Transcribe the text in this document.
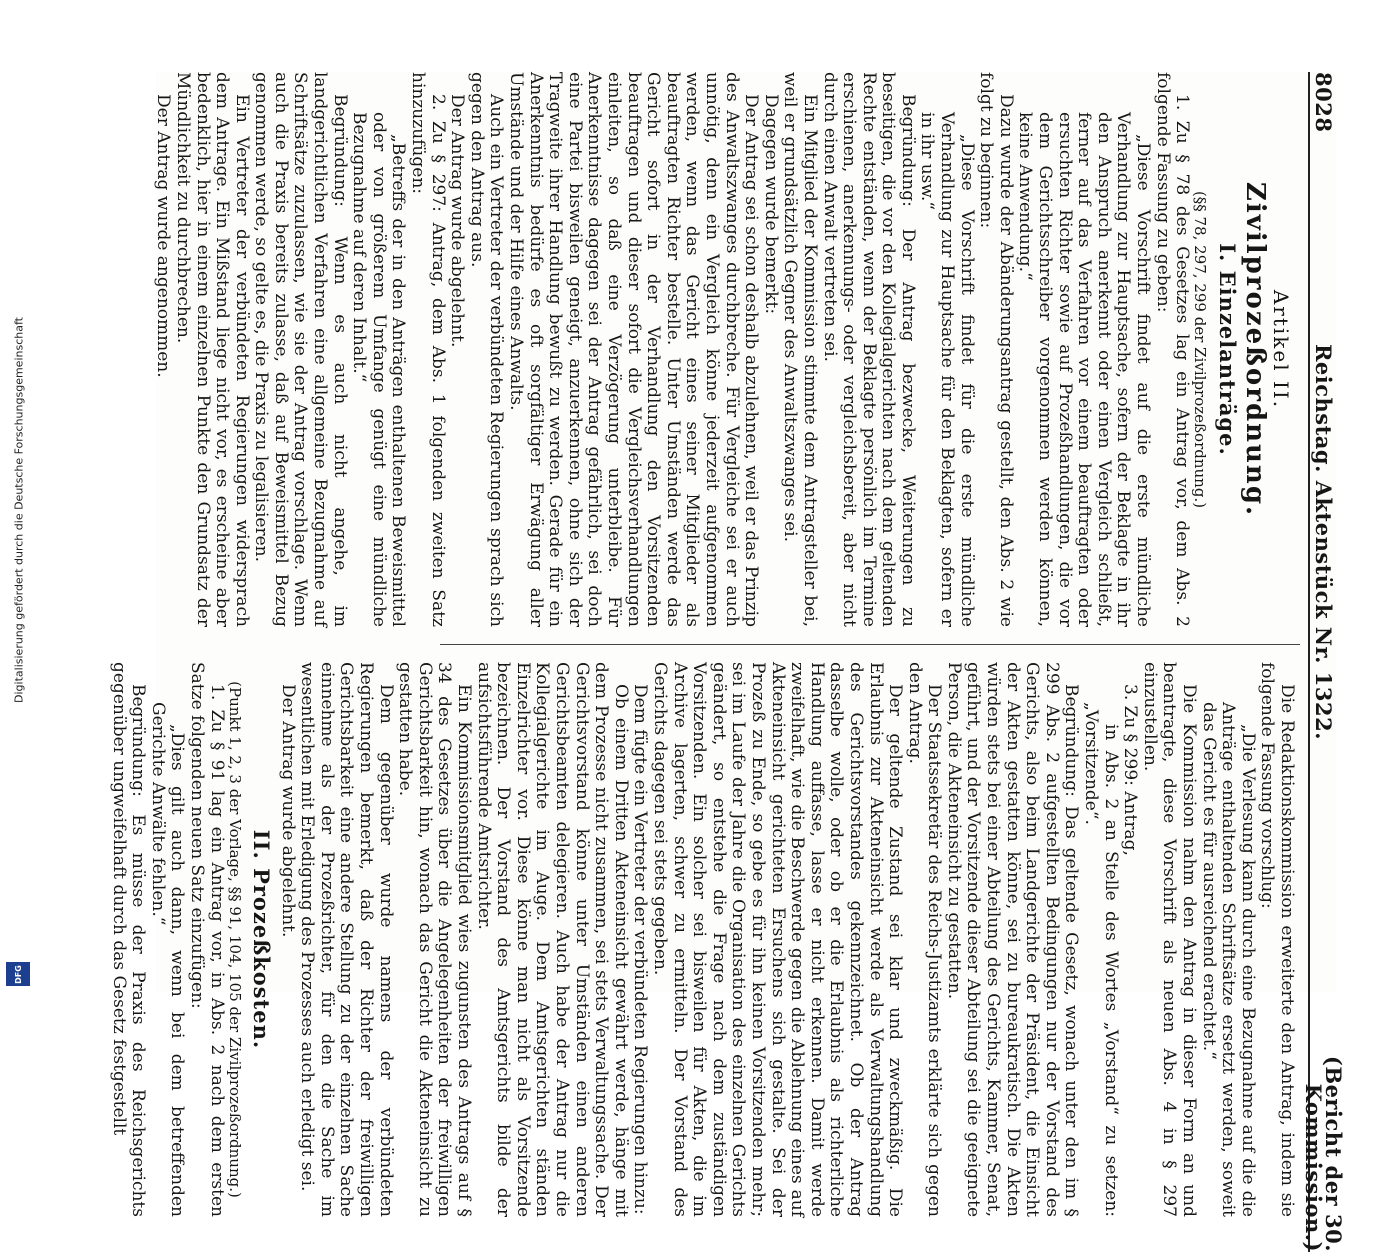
8028
Reichstag. Aktenstück Nr. 1322.
(Bericht der 30. Kommission.)
Artikel II.
Zivilprozeßordnung.
I. Einzelanträge.
(§§ 78, 297, 299 der Zivilprozeßordnung.)

1. Zu § 78 des Gesetzes lag ein Antrag vor, dem Abs. 2 folgende Fassung zu geben:

„Diese Vorschrift findet auf die erste mündliche Verhandlung zur Hauptsache, sofern der Beklagte in ihr den Anspruch anerkennt oder einen Vergleich schließt, ferner auf das Verfahren vor einem beauftragten oder ersuchten Richter sowie auf Prozeßhandlungen, die vor dem Gerichtsschreiber vorgenommen werden können, keine Anwendung.“

Dazu wurde der Abänderungsantrag gestellt, den Abs. 2 wie folgt zu beginnen:

„Diese Vorschrift findet für die erste mündliche Verhandlung zur Hauptsache für den Beklagten, sofern er in ihr usw.“

Begründung: Der Antrag bezwecke, Weiterungen zu beseitigen, die vor den Kollegialgerichten nach dem geltenden Rechte entständen, wenn der Beklagte persönlich im Termine erschienen, anerkennungs- oder vergleichsbereit, aber nicht durch einen Anwalt vertreten sei.

Ein Mitglied der Kommission stimmte dem Antragsteller bei, weil er grundsätzlich Gegner des Anwaltszwanges sei.

Dagegen wurde bemerkt:

Der Antrag sei schon deshalb abzulehnen, weil er das Prinzip des Anwaltszwanges durchbreche. Für Vergleiche sei er auch unnötig, denn ein Vergleich könne jederzeit aufgenommen werden, wenn das Gericht eines seiner Mitglieder als beauftragten Richter bestelle. Unter Umständen werde das Gericht sofort in der Verhandlung den Vorsitzenden beauftragen und dieser sofort die Vergleichsverhandlungen einleiten, so daß eine Verzögerung unterbleibe. Für Anerkenntnisse dagegen sei der Antrag gefährlich, sei doch eine Partei bisweilen geneigt, anzuerkennen, ohne sich der Tragweite ihrer Handlung bewußt zu werden. Gerade für ein Anerkenntnis bedürfe es oft sorgfältiger Erwägung aller Umstände und der Hilfe eines Anwalts.

Auch ein Vertreter der verbündeten Regierungen sprach sich gegen den Antrag aus.

Der Antrag wurde abgelehnt.

2. Zu § 297: Antrag, dem Abs. 1 folgenden zweiten Satz hinzuzufügen:

„Betreffs der in den Anträgen enthaltenen Beweismittel oder von größerem Umfange genügt eine mündliche Bezugnahme auf deren Inhalt.“

Begründung: Wenn es auch nicht angehe, im landgerichtlichen Verfahren eine allgemeine Bezugnahme auf Schriftsätze zuzulassen, wie sie der Antrag vorschlage. Wenn auch die Praxis bereits zulasse, daß auf Beweismittel Bezug genommen werde, so gelte es, die Praxis zu legalisieren.

Ein Vertreter der verbündeten Regierungen widersprach dem Antrage. Ein Mißstand liege nicht vor, es erscheine aber bedenklich, hier in einem einzelnen Punkte den Grundsatz der Mündlichkeit zu durchbrechen.

Der Antrag wurde angenommen.

Die Redaktionskommission erweiterte den Antrag, indem sie folgende Fassung vorschlug:

„Die Verlesung kann durch eine Bezugnahme auf die die Anträge enthaltenden Schriftsätze ersetzt werden, soweit das Gericht es für ausreichend erachtet.“

Die Kommission nahm den Antrag in dieser Form an und beantragte, diese Vorschrift als neuen Abs. 4 in § 297 einzustellen.

3. Zu § 299: Antrag,

in Abs. 2 an Stelle des Wortes „Vorstand“ zu setzen: „Vorsitzende“.

Begründung: Das geltende Gesetz, wonach unter den im § 299 Abs. 2 aufgestellten Bedingungen nur der Vorstand des Gerichts, also beim Landgerichte der Präsident, die Einsicht der Akten gestatten könne, sei zu bureaukratisch. Die Akten würden stets bei einer Abteilung des Gerichts, Kammer, Senat, geführt, und der Vorsitzende dieser Abteilung sei die geeignete Person, die Akteneinsicht zu gestatten.

Der Staatssekretär des Reichs-Justizamts erklärte sich gegen den Antrag.

Der geltende Zustand sei klar und zweckmäßig. Die Erlaubnis zur Akteneinsicht werde als Verwaltungshandlung des Gerichtsvorstandes gekennzeichnet. Ob der Antrag dasselbe wolle, oder ob er die Erlaubnis als richterliche Handlung auffasse, lasse er nicht erkennen. Damit werde zweifelhaft, wie die Beschwerde gegen die Ablehnung eines auf Akteneinsicht gerichteten Ersuchens sich gestalte. Sei der Prozeß zu Ende, so gebe es für ihn keinen Vorsitzenden mehr; sei im Laufe der Jahre die Organisation des einzelnen Gerichts geändert, so entstehe die Frage nach dem zuständigen Vorsitzenden. Ein solcher sei bisweilen für Akten, die im Archive lagerten, schwer zu ermitteln. Der Vorstand des Gerichts dagegen sei stets gegeben.

Dem fügte ein Vertreter der verbündeten Regierungen hinzu:

Ob einem Dritten Akteneinsicht gewährt werde, hänge mit dem Prozesse nicht zusammen, sei stets Verwaltungssache. Der Gerichtsvorstand könne unter Umständen einen anderen Gerichtsbeamten delegieren. Auch habe der Antrag nur die Kollegialgerichte im Auge. Dem Amtsgerichten ständen Einzelrichter vor. Diese könne man nicht als Vorsitzende bezeichnen. Der Vorstand des Amtsgerichts bilde der aufsichtsführende Amtsrichter.

Ein Kommissionsmitglied wies zugunsten des Antrags auf § 34 des Gesetzes über die Angelegenheiten der freiwilligen Gerichtsbarkeit hin, wonach das Gericht die Akteneinsicht zu gestatten habe.

Dem gegenüber wurde namens der verbündeten Regierungen bemerkt, daß der Richter der freiwilligen Gerichtsbarkeit eine andere Stellung zu der einzelnen Sache einnehme als der Prozeßrichter, für den die Sache im wesentlichen mit Erledigung des Prozesses auch erledigt sei.

Der Antrag wurde abgelehnt.

II. Prozeßkosten.
(Punkt 1, 2, 3 der Vorlage, §§ 91, 104, 105 der Zivilprozeßordnung.)

1. Zu § 91 lag ein Antrag vor, in Abs. 2 nach dem ersten Satze folgenden neuen Satz einzufügen:

„Dies gilt auch dann, wenn bei dem betreffenden Gerichte Anwälte fehlen.“

Begründung: Es müsse der Praxis des Reichsgerichts gegenüber ungweifelhaft durch das Gesetz festgestellt

Digitalisierung gefördert durch die Deutsche Forschungsgemeinschaft
DFG
